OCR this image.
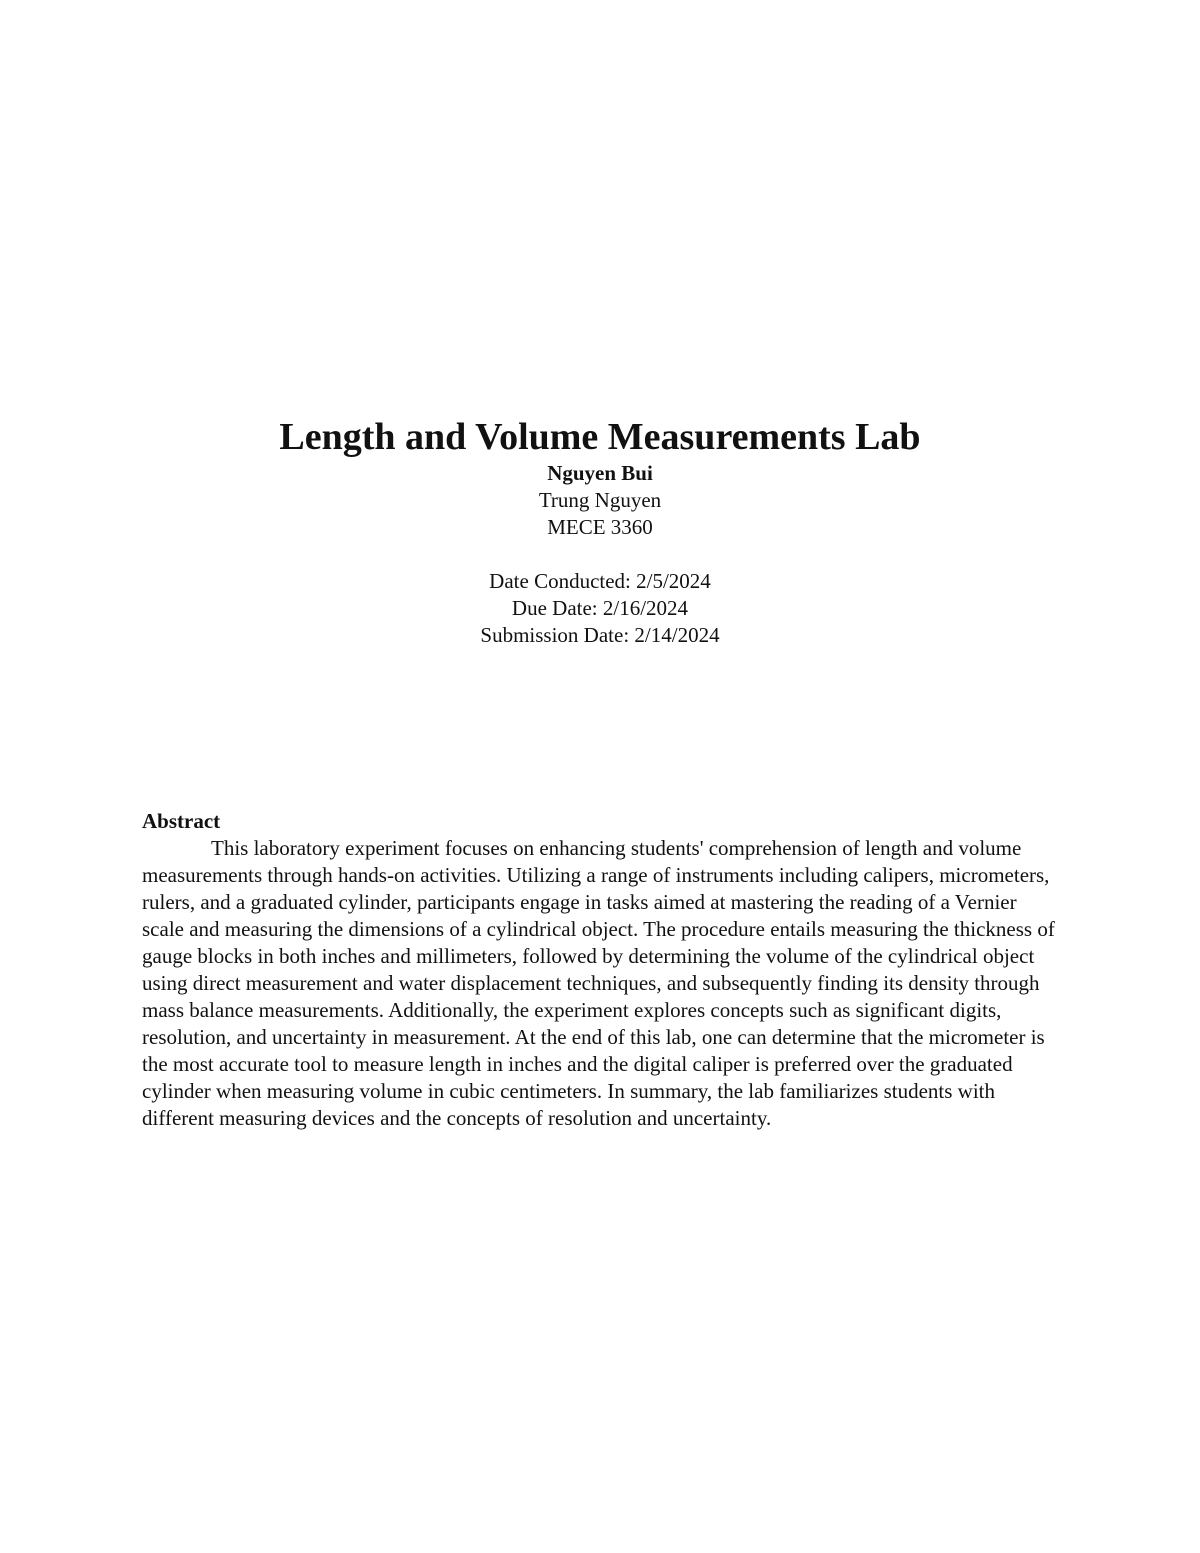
Length and Volume Measurements Lab

Nguyen Bui

Trung Nguyen

MECE 3360

Date Conducted: 2/5/2024

Due Date: 2/16/2024

Submission Date: 2/14/2024

Abstract

This laboratory experiment focuses on enhancing students' comprehension of length and volume measurements through hands-on activities. Utilizing a range of instruments including calipers, micrometers, rulers, and a graduated cylinder, participants engage in tasks aimed at mastering the reading of a Vernier scale and measuring the dimensions of a cylindrical object. The procedure entails measuring the thickness of gauge blocks in both inches and millimeters, followed by determining the volume of the cylindrical object using direct measurement and water displacement techniques, and subsequently finding its density through mass balance measurements. Additionally, the experiment explores concepts such as significant digits, resolution, and uncertainty in measurement. At the end of this lab, one can determine that the micrometer is the most accurate tool to measure length in inches and the digital caliper is preferred over the graduated cylinder when measuring volume in cubic centimeters. In summary, the lab familiarizes students with different measuring devices and the concepts of resolution and uncertainty.
